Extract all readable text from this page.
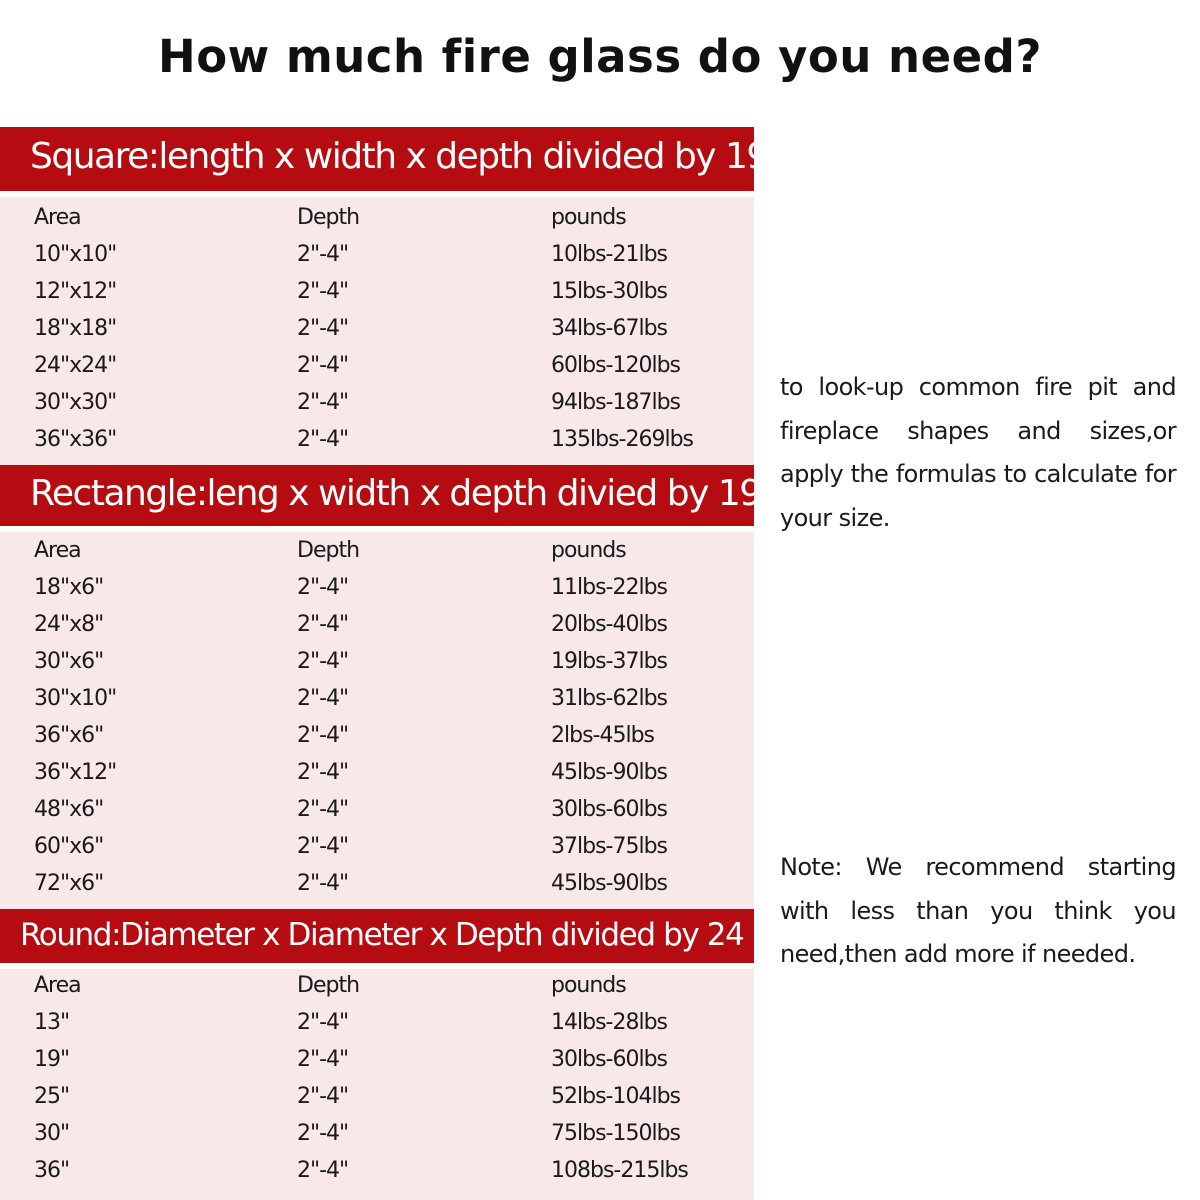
How much fire glass do you need?
Square:length x width x depth divided by 19
Area	Depth	pounds
10"x10"	2"-4"	10lbs-21lbs
12"x12"	2"-4"	15lbs-30lbs
18"x18"	2"-4"	34lbs-67lbs
24"x24"	2"-4"	60lbs-120lbs
30"x30"	2"-4"	94lbs-187lbs
36"x36"	2"-4"	135lbs-269lbs
Rectangle:leng x width x depth divied by 19
Area	Depth	pounds
18"x6"	2"-4"	11lbs-22lbs
24"x8"	2"-4"	20lbs-40lbs
30"x6"	2"-4"	19lbs-37lbs
30"x10"	2"-4"	31lbs-62lbs
36"x6"	2"-4"	2lbs-45lbs
36"x12"	2"-4"	45lbs-90lbs
48"x6"	2"-4"	30lbs-60lbs
60"x6"	2"-4"	37lbs-75lbs
72"x6"	2"-4"	45lbs-90lbs
Round:Diameter x Diameter x Depth divided by 24
Area	Depth	pounds
13"	2"-4"	14lbs-28lbs
19"	2"-4"	30lbs-60lbs
25"	2"-4"	52lbs-104lbs
30"	2"-4"	75lbs-150lbs
36"	2"-4"	108bs-215lbs
to look-up common fire pit and fireplace shapes and sizes,or apply the formulas to calculate for your size.
Note: We recommend starting with less than you think you need,then add more if needed.
